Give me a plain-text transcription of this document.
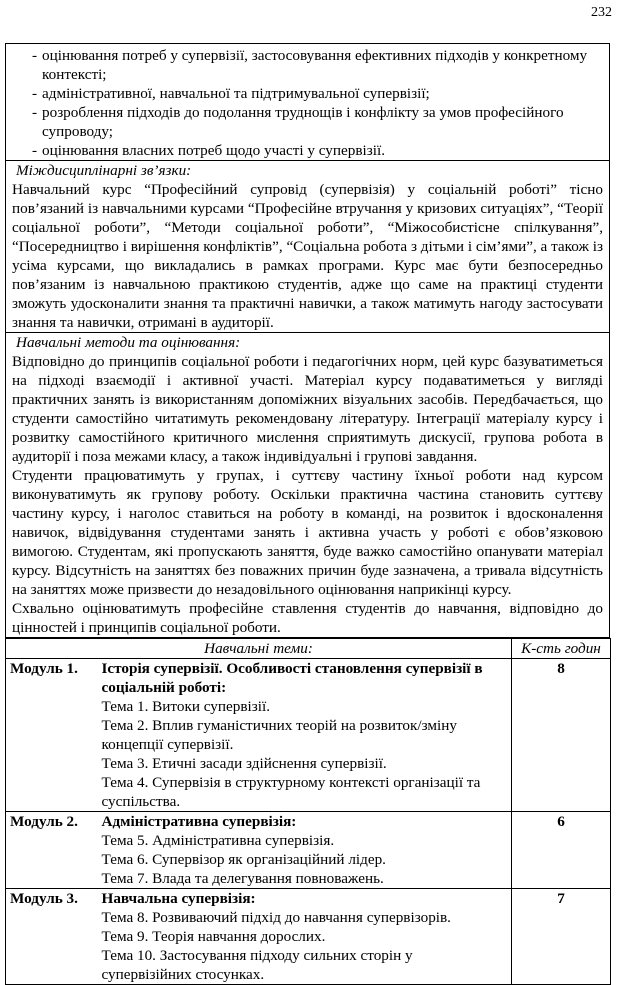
232
- оцінювання потреб у супервізії, застосовування ефективних підходів у конкретному контексті;
- адміністративної, навчальної та підтримувальної супервізії;
- розроблення підходів до подолання труднощів і конфлікту за умов професійного супроводу;
- оцінювання власних потреб щодо участі у супервізії.
Міждисциплінарні зв’язки:
Навчальний курс “Професійний супровід (супервізія) у соціальній роботі” тісно пов’язаний із навчальними курсами “Професійне втручання у кризових ситуаціях”, “Теорії соціальної роботи”, “Методи соціальної роботи”, “Міжособистісне спілкування”, “Посередництво і вирішення конфліктів”, “Соціальна робота з дітьми і сім’ями”, а також із усіма курсами, що викладались в рамках програми. Курс має бути безпосередньо пов’язаним із навчальною практикою студентів, адже що саме на практиці студенти зможуть удосконалити знання та практичні навички, а також матимуть нагоду застосувати знання та навички, отримані в аудиторії.
Навчальні методи та оцінювання:
Відповідно до принципів соціальної роботи і педагогічних норм, цей курс базуватиметься на підході взаємодії і активної участі. Матеріал курсу подаватиметься у вигляді практичних занять із використанням допоміжних візуальних засобів. Передбачається, що студенти самостійно читатимуть рекомендовану літературу. Інтеграції матеріалу курсу і розвитку самостійного критичного мислення сприятимуть дискусії, групова робота в аудиторії і поза межами класу, а також індивідуальні і групові завдання.
Студенти працюватимуть у групах, і суттєву частину їхньої роботи над курсом виконуватимуть як групову роботу. Оскільки практична частина становить суттєву частину курсу, і наголос ставиться на роботу в команді, на розвиток і вдосконалення навичок, відвідування студентами занять і активна участь у роботі є обов’язковою вимогою. Студентам, які пропускають заняття, буде важко самостійно опанувати матеріал курсу. Відсутність на заняттях без поважних причин буде зазначена, а тривала відсутність на заняттях може призвести до незадовільного оцінювання наприкінці курсу.
Схвально оцінюватимуть професійне ставлення студентів до навчання, відповідно до цінностей і принципів соціальної роботи.
Навчальні теми:		К-сть годин
Модуль 1.	Історія супервізії. Особливості становлення супервізії в соціальній роботі:
Тема 1. Витоки супервізії.
Тема 2. Вплив гуманістичних теорій на розвиток/зміну концепції супервізії.
Тема 3. Етичні засади здійснення супервізії.
Тема 4. Супервізія в структурному контексті організації та суспільства.	8
Модуль 2.	Адміністративна супервізія:
Тема 5. Адміністративна супервізія.
Тема 6. Супервізор як організаційний лідер.
Тема 7. Влада та делегування повноважень.	6
Модуль 3.	Навчальна супервізія:
Тема 8. Розвиваючий підхід до навчання супервізорів.
Тема 9. Теорія навчання дорослих.
Тема 10. Застосування підходу сильних сторін у супервізійних стосунках.	7
